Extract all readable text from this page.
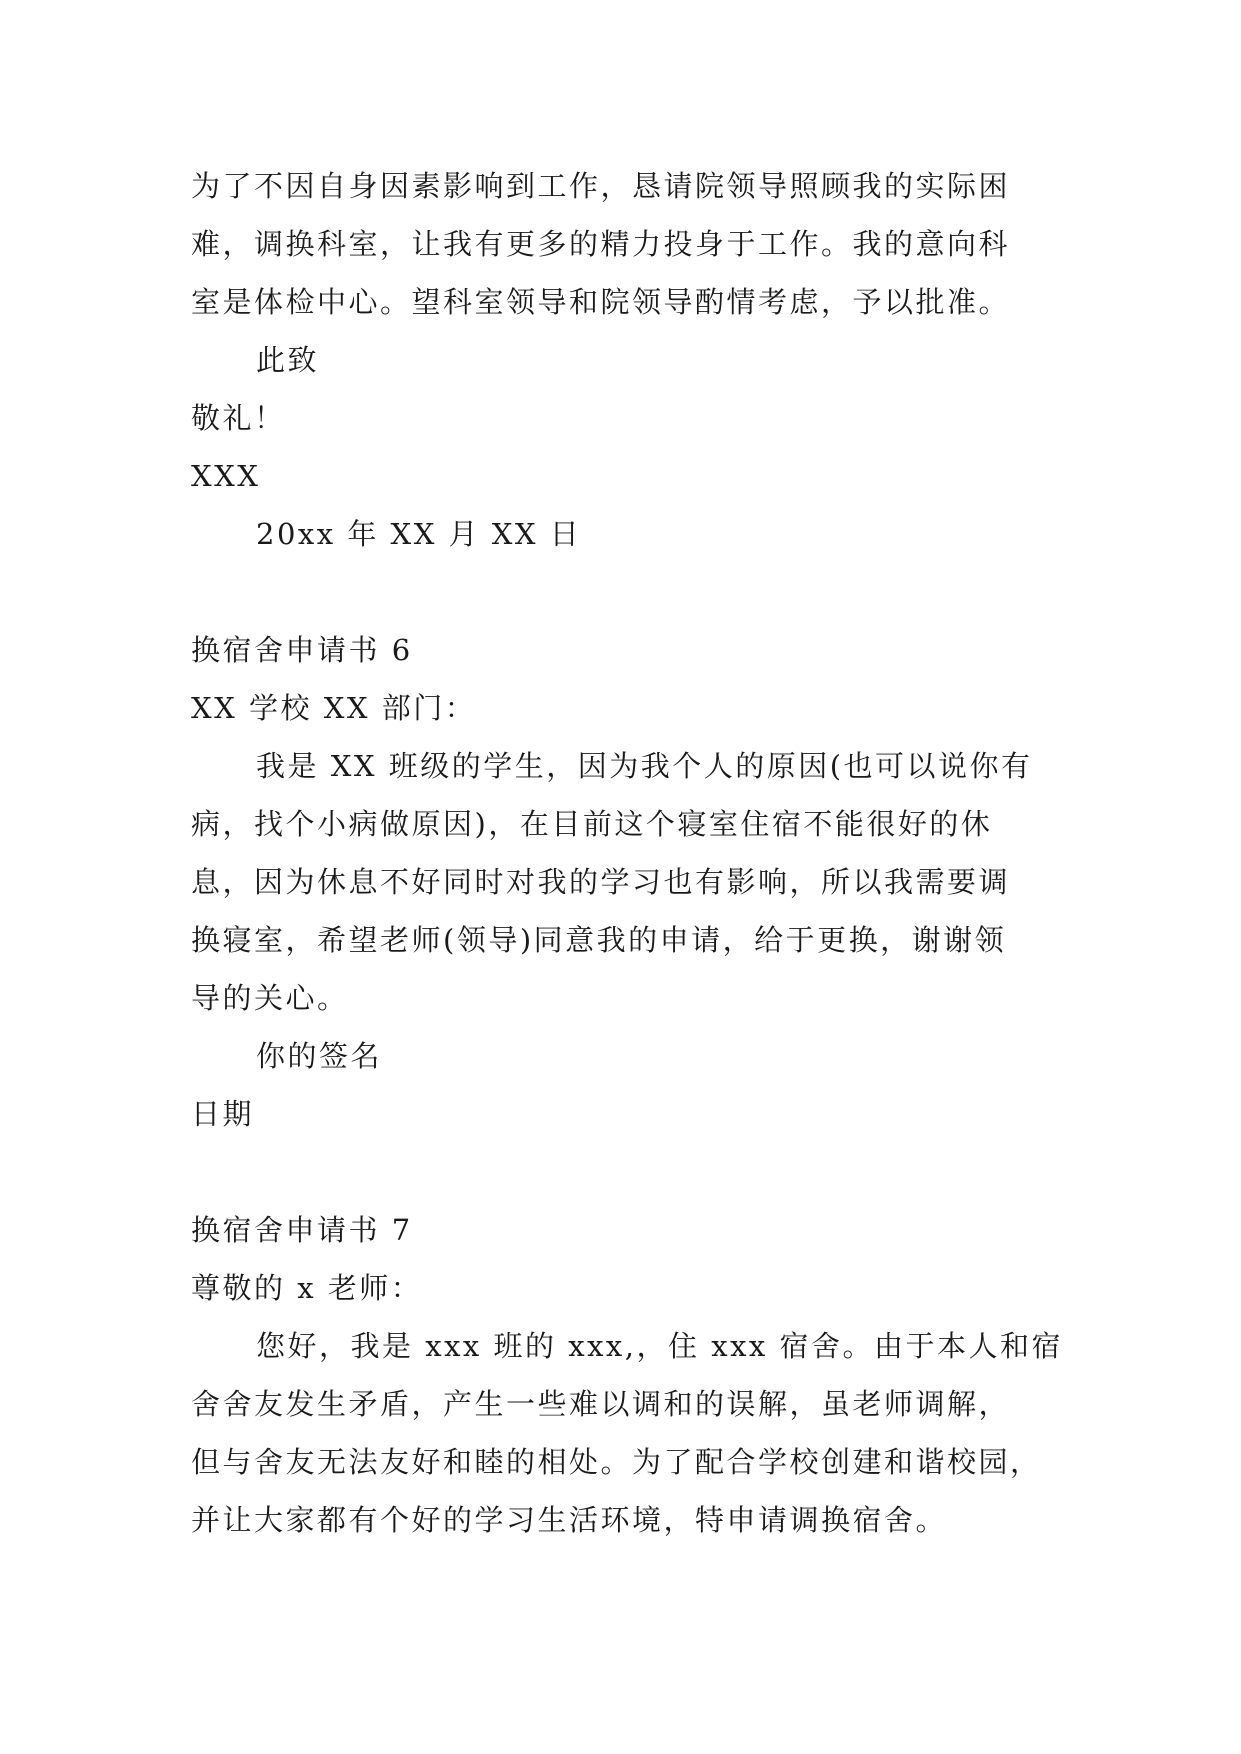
为了不因自身因素影响到工作，恳请院领导照顾我的实际困
难，调换科室，让我有更多的精力投身于工作。我的意向科
室是体检中心。望科室领导和院领导酌情考虑，予以批准。
此致
敬礼！
XXX
20xx 年 XX 月 XX 日
换宿舍申请书 6
XX 学校 XX 部门：
我是 XX 班级的学生，因为我个人的原因(也可以说你有
病，找个小病做原因)，在目前这个寝室住宿不能很好的休
息，因为休息不好同时对我的学习也有影响，所以我需要调
换寝室，希望老师(领导)同意我的申请，给于更换，谢谢领
导的关心。
你的签名
日期
换宿舍申请书 7
尊敬的 x 老师：
您好，我是 xxx 班的 xxx,，住 xxx 宿舍。由于本人和宿
舍舍友发生矛盾，产生一些难以调和的误解，虽老师调解，
但与舍友无法友好和睦的相处。为了配合学校创建和谐校园，
并让大家都有个好的学习生活环境，特申请调换宿舍。
